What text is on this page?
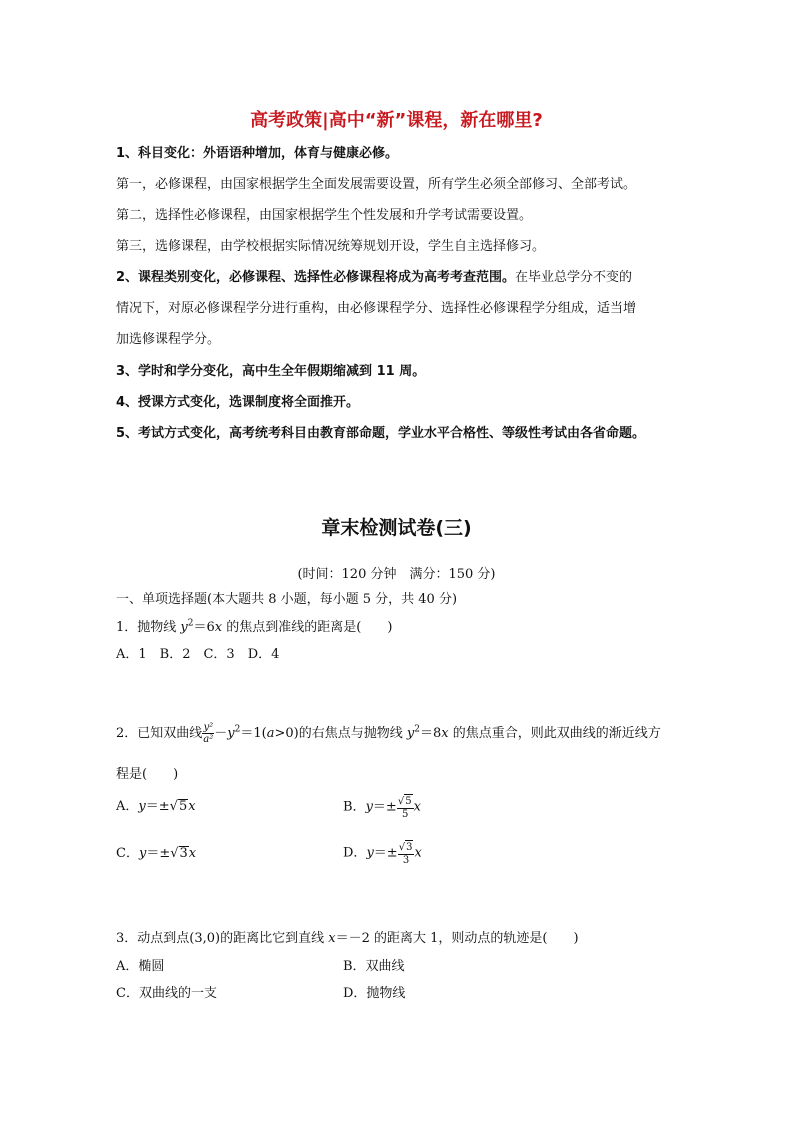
高考政策|高中“新”课程，新在哪里?
1、科目变化：外语语种增加，体育与健康必修。
第一，必修课程，由国家根据学生全面发展需要设置，所有学生必须全部修习、全部考试。
第二，选择性必修课程，由国家根据学生个性发展和升学考试需要设置。
第三，选修课程，由学校根据实际情况统筹规划开设，学生自主选择修习。
2、课程类别变化，必修课程、选择性必修课程将成为高考考查范围。在毕业总学分不变的
情况下，对原必修课程学分进行重构，由必修课程学分、选择性必修课程学分组成，适当增
加选修课程学分。
3、学时和学分变化，高中生全年假期缩减到 11 周。
4、授课方式变化，选课制度将全面推开。
5、考试方式变化，高考统考科目由教育部命题，学业水平合格性、等级性考试由各省命题。
章末检测试卷(三)
(时间：120 分钟　满分：150 分)
一、单项选择题(本大题共 8 小题，每小题 5 分，共 40 分)
1．抛物线 $y^2=6x$ 的焦点到准线的距离是(　　)
A．1　B．2　C．3　D．4
2．已知双曲线 $\frac{\text{y²}}{\text{a²}} -y^2=1(a>0)$的右焦点与抛物线 $y^2=8x$ 的焦点重合，则此双曲线的渐近线方
程是(　　)
A．y＝±√5x	B．$y=\pm \frac{√5}{5}$ x
C．y＝±√3x	D．$y=\pm \frac{√3}{3}$ x
3．动点到点(3,0)的距离比它到直线 x＝－2 的距离大 1，则动点的轨迹是(　　)
A．椭圆	B．双曲线
C．双曲线的一支	D．抛物线
